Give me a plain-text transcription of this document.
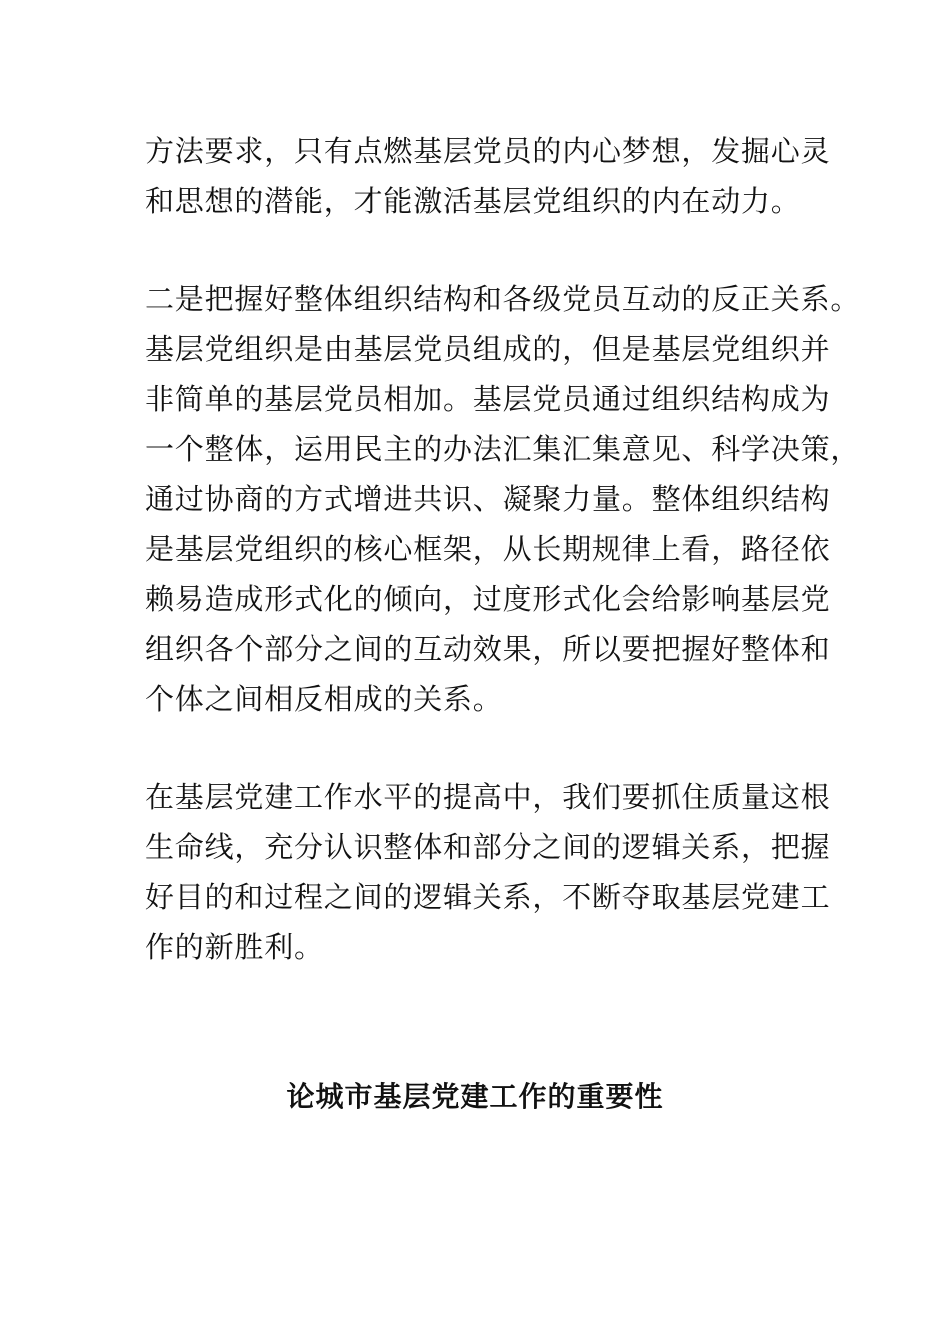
方法要求，只有点燃基层党员的内心梦想，发掘心灵
和思想的潜能，才能激活基层党组织的内在动力。
二是把握好整体组织结构和各级党员互动的反正关系。
基层党组织是由基层党员组成的，但是基层党组织并
非简单的基层党员相加。基层党员通过组织结构成为
一个整体，运用民主的办法汇集汇集意见、科学决策，
通过协商的方式增进共识、凝聚力量。整体组织结构
是基层党组织的核心框架，从长期规律上看，路径依
赖易造成形式化的倾向，过度形式化会给影响基层党
组织各个部分之间的互动效果，所以要把握好整体和
个体之间相反相成的关系。
在基层党建工作水平的提高中，我们要抓住质量这根
生命线，充分认识整体和部分之间的逻辑关系，把握
好目的和过程之间的逻辑关系，不断夺取基层党建工
作的新胜利。
论城市基层党建工作的重要性
